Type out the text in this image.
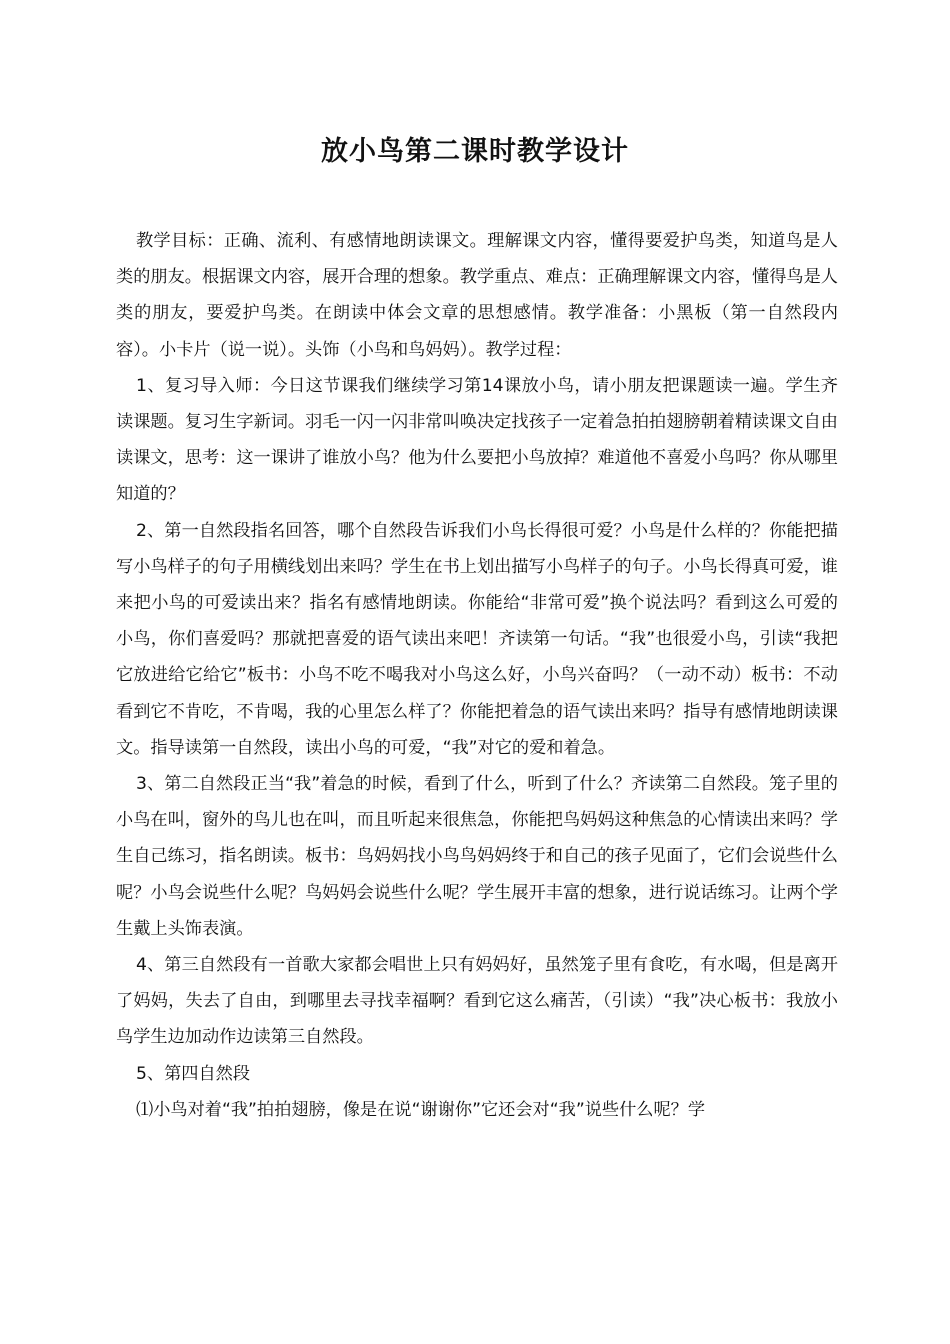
放小鸟第二课时教学设计

教学目标：正确、流利、有感情地朗读课文。理解课文内容，懂得要爱护鸟类，知道鸟是人类的朋友。根据课文内容，展开合理的想象。教学重点、难点：正确理解课文内容，懂得鸟是人类的朋友，要爱护鸟类。在朗读中体会文章的思想感情。教学准备：小黑板（第一自然段内容）。小卡片（说一说）。头饰（小鸟和鸟妈妈）。教学过程：

1、复习导入师：今日这节课我们继续学习第14课放小鸟，请小朋友把课题读一遍。学生齐读课题。复习生字新词。羽毛一闪一闪非常叫唤决定找孩子一定着急拍拍翅膀朝着精读课文自由读课文，思考：这一课讲了谁放小鸟？他为什么要把小鸟放掉？难道他不喜爱小鸟吗？你从哪里知道的？

2、第一自然段指名回答，哪个自然段告诉我们小鸟长得很可爱？小鸟是什么样的？你能把描写小鸟样子的句子用横线划出来吗？学生在书上划出描写小鸟样子的句子。小鸟长得真可爱，谁来把小鸟的可爱读出来？指名有感情地朗读。你能给“非常可爱”换个说法吗？看到这么可爱的小鸟，你们喜爱吗？那就把喜爱的语气读出来吧！齐读第一句话。“我”也很爱小鸟，引读“我把它放进给它给它”板书：小鸟不吃不喝我对小鸟这么好，小鸟兴奋吗？（一动不动）板书：不动看到它不肯吃，不肯喝，我的心里怎么样了？你能把着急的语气读出来吗？指导有感情地朗读课文。指导读第一自然段，读出小鸟的可爱，“我”对它的爱和着急。

3、第二自然段正当“我”着急的时候，看到了什么，听到了什么？齐读第二自然段。笼子里的小鸟在叫，窗外的鸟儿也在叫，而且听起来很焦急，你能把鸟妈妈这种焦急的心情读出来吗？学生自己练习，指名朗读。板书：鸟妈妈找小鸟鸟妈妈终于和自己的孩子见面了，它们会说些什么呢？小鸟会说些什么呢？鸟妈妈会说些什么呢？学生展开丰富的想象，进行说话练习。让两个学生戴上头饰表演。

4、第三自然段有一首歌大家都会唱世上只有妈妈好，虽然笼子里有食吃，有水喝，但是离开了妈妈，失去了自由，到哪里去寻找幸福啊？看到它这么痛苦，（引读）“我”决心板书：我放小鸟学生边加动作边读第三自然段。

5、第四自然段

⑴小鸟对着“我”拍拍翅膀，像是在说“谢谢你”它还会对“我”说些什么呢？学
